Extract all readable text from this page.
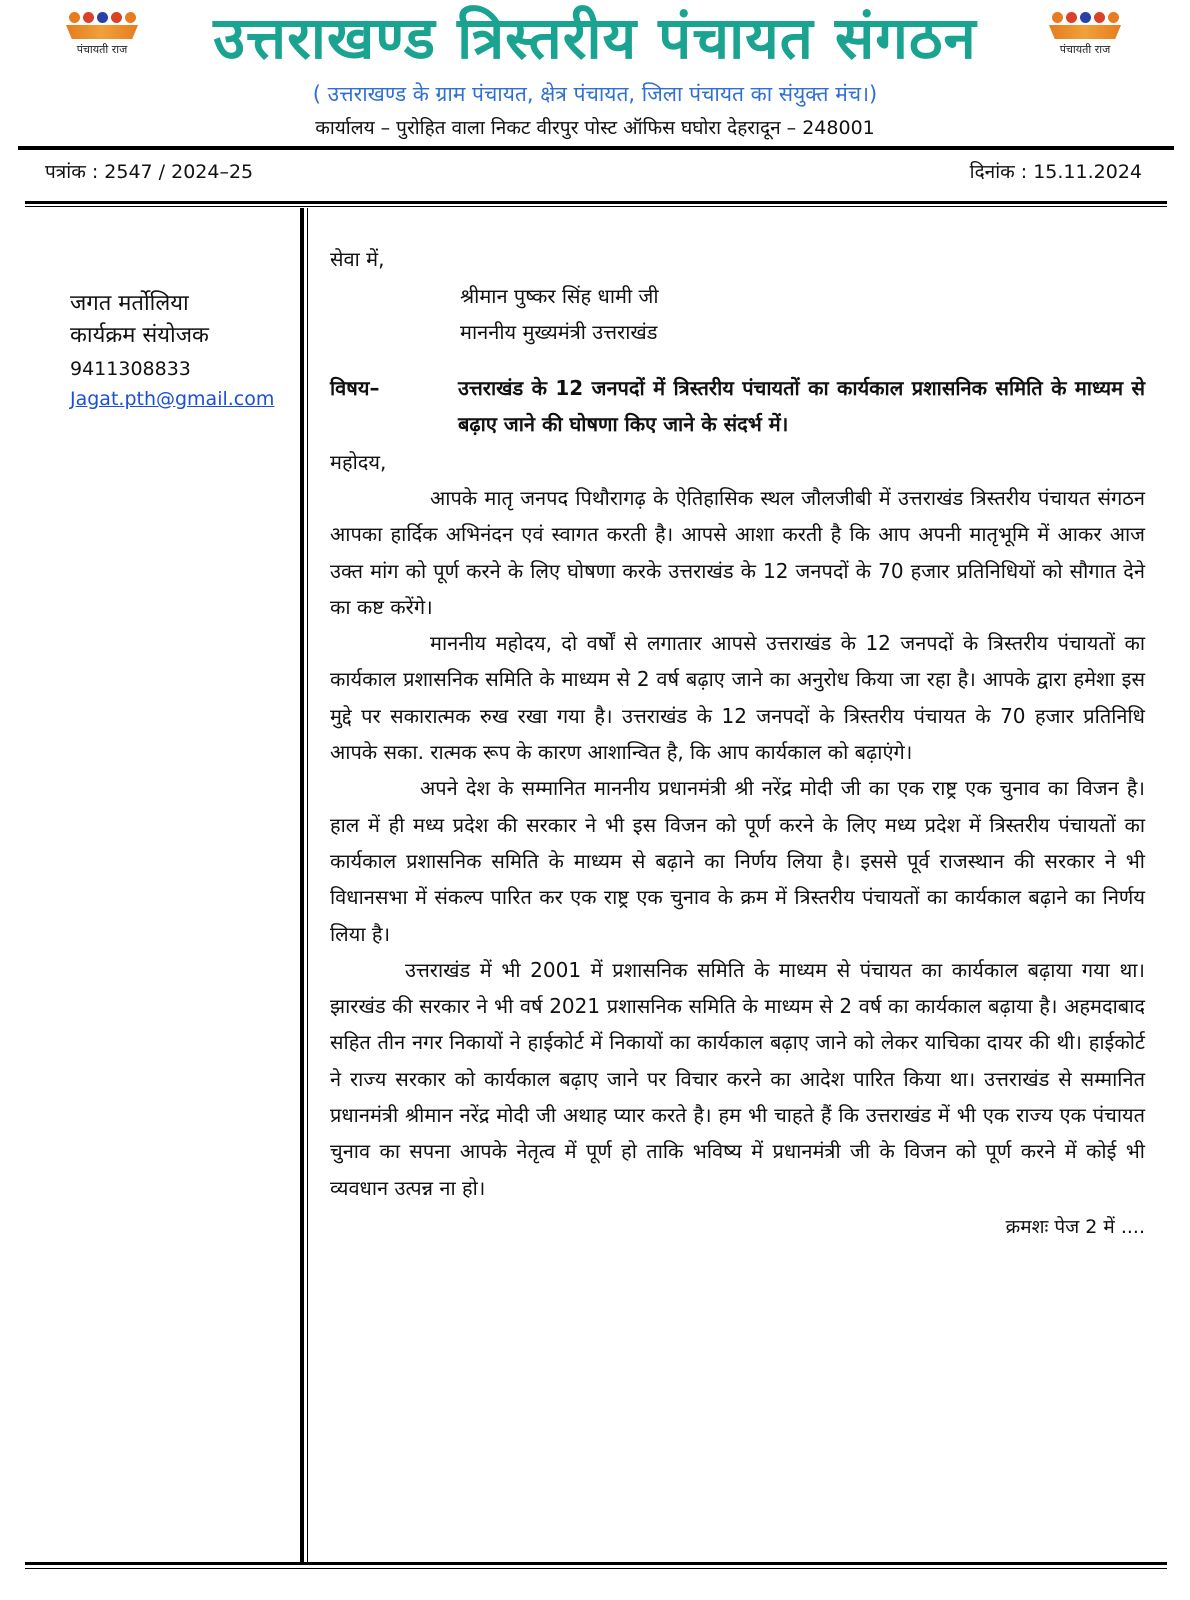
पंचायती राज	पंचायती राज
उत्तराखण्ड त्रिस्तरीय पंचायत संगठन
( उत्तराखण्ड के ग्राम पंचायत, क्षेत्र पंचायत, जिला पंचायत का संयुक्त मंच।)
कार्यालय – पुरोहित वाला निकट वीरपुर पोस्ट ऑफिस घघोरा देहरादून – 248001
पत्रांक : 2547 / 2024–25	दिनांक : 15.11.2024
जगत मर्तोलिया
कार्यक्रम संयोजक
9411308833
Jagat.pth@gmail.com
सेवा में,
श्रीमान पुष्कर सिंह धामी जी
माननीय मुख्यमंत्री उत्तराखंड
विषय–	उत्तराखंड के 12 जनपदों में त्रिस्तरीय पंचायतों का कार्यकाल प्रशासनिक समिति के माध्यम से बढ़ाए जाने की घोषणा किए जाने के संदर्भ में।
महोदय,

आपके मातृ जनपद पिथौरागढ़ के ऐतिहासिक स्थल जौलजीबी में उत्तराखंड त्रिस्तरीय पंचायत संगठन आपका हार्दिक अभिनंदन एवं स्वागत करती है। आपसे आशा करती है कि आप अपनी मातृभूमि में आकर आज उक्त मांग को पूर्ण करने के लिए घोषणा करके उत्तराखंड के 12 जनपदों के 70 हजार प्रतिनिधियों को सौगात देने का कष्ट करेंगे।

माननीय महोदय, दो वर्षों से लगातार आपसे उत्तराखंड के 12 जनपदों के त्रिस्तरीय पंचायतों का कार्यकाल प्रशासनिक समिति के माध्यम से 2 वर्ष बढ़ाए जाने का अनुरोध किया जा रहा है। आपके द्वारा हमेशा इस मुद्दे पर सकारात्मक रुख रखा गया है। उत्तराखंड के 12 जनपदों के त्रिस्तरीय पंचायत के 70 हजार प्रतिनिधि आपके सका. रात्मक रूप के कारण आशान्वित है, कि आप कार्यकाल को बढ़ाएंगे।

अपने देश के सम्मानित माननीय प्रधानमंत्री श्री नरेंद्र मोदी जी का एक राष्ट्र एक चुनाव का विजन है। हाल में ही मध्य प्रदेश की सरकार ने भी इस विजन को पूर्ण करने के लिए मध्य प्रदेश में त्रिस्तरीय पंचायतों का कार्यकाल प्रशासनिक समिति के माध्यम से बढ़ाने का निर्णय लिया है। इससे पूर्व राजस्थान की सरकार ने भी विधानसभा में संकल्प पारित कर एक राष्ट्र एक चुनाव के क्रम में त्रिस्तरीय पंचायतों का कार्यकाल बढ़ाने का निर्णय लिया है।

उत्तराखंड में भी 2001 में प्रशासनिक समिति के माध्यम से पंचायत का कार्यकाल बढ़ाया गया था। झारखंड की सरकार ने भी वर्ष 2021 प्रशासनिक समिति के माध्यम से 2 वर्ष का कार्यकाल बढ़ाया है। अहमदाबाद सहित तीन नगर निकायों ने हाईकोर्ट में निकायों का कार्यकाल बढ़ाए जाने को लेकर याचिका दायर की थी। हाईकोर्ट ने राज्य सरकार को कार्यकाल बढ़ाए जाने पर विचार करने का आदेश पारित किया था। उत्तराखंड से सम्मानित प्रधानमंत्री श्रीमान नरेंद्र मोदी जी अथाह प्यार करते है। हम भी चाहते हैं कि उत्तराखंड में भी एक राज्य एक पंचायत चुनाव का सपना आपके नेतृत्व में पूर्ण हो ताकि भविष्य में प्रधानमंत्री जी के विजन को पूर्ण करने में कोई भी व्यवधान उत्पन्न ना हो।

क्रमशः पेज 2 में ....
